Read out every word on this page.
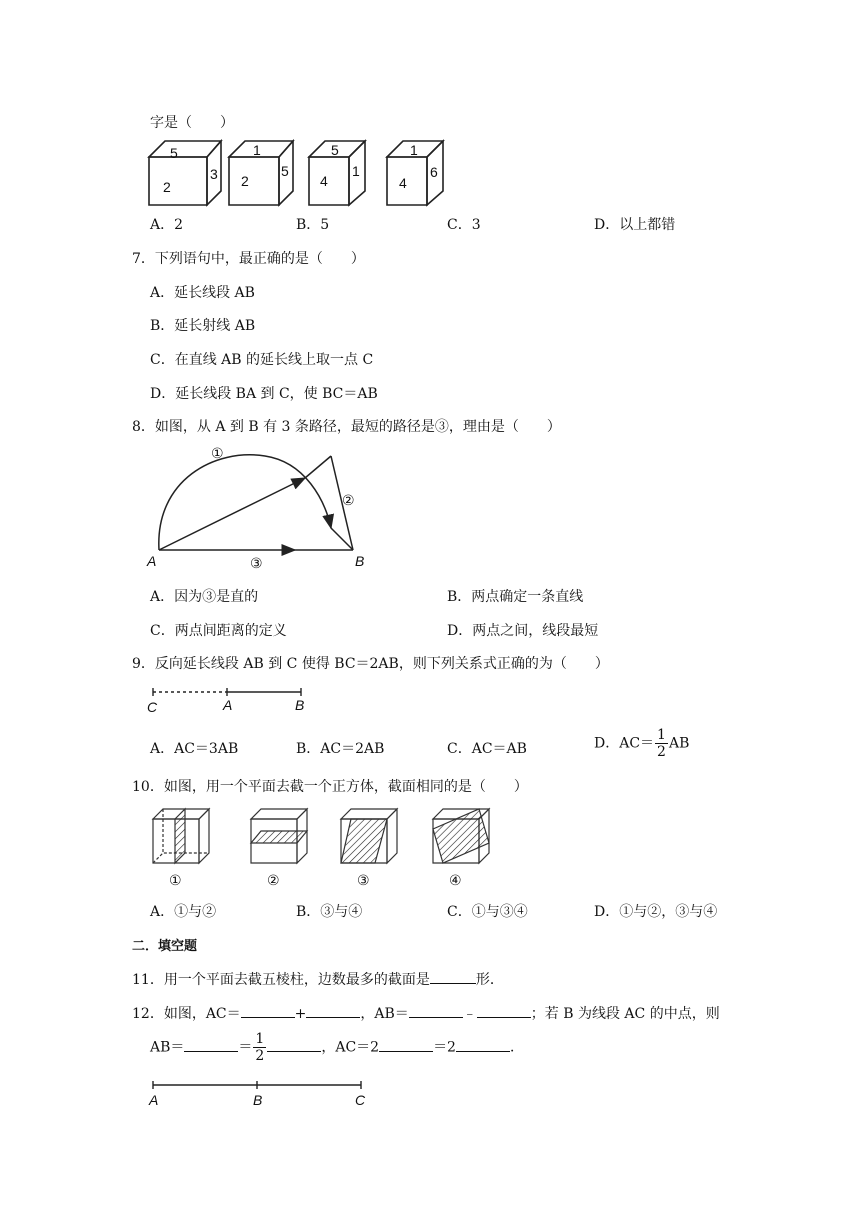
字是（　　）
5
2
3
1
2
5
5
4
1
1
4
6
A．2	B．5	C．3	D．以上都错
7．下列语句中，最正确的是（　　）
A．延长线段 AB
B．延长射线 AB
C．在直线 AB 的延长线上取一点 C
D．延长线段 BA 到 C，使 BC＝AB
8．如图，从 A 到 B 有 3 条路径，最短的路径是③，理由是（　　）
A	B
①
②
③
A．因为③是直的	B．两点确定一条直线
C．两点间距离的定义	D．两点之间，线段最短
9．反向延长线段 AB 到 C 使得 BC＝2AB，则下列关系式正确的为（　　）
C	A	B
A．AC＝3AB	B．AC＝2AB	C．AC＝AB	D．$AC= \frac{1}{2}$ AB
10．如图，用一个平面去截一个正方体，截面相同的是（　　）
①	②	③	④
A．①与②	B．③与④	C．①与③④	D．①与②，③与④
二．填空题
11．用一个平面去截五棱柱，边数最多的截面是	形．
12．如图，AC＝	+	，AB＝	﹣	；若 B 为线段 AC 的中点，则
AB＝	＝ $\frac{1}{2}$	，AC＝2	＝2	．
A	B	C
